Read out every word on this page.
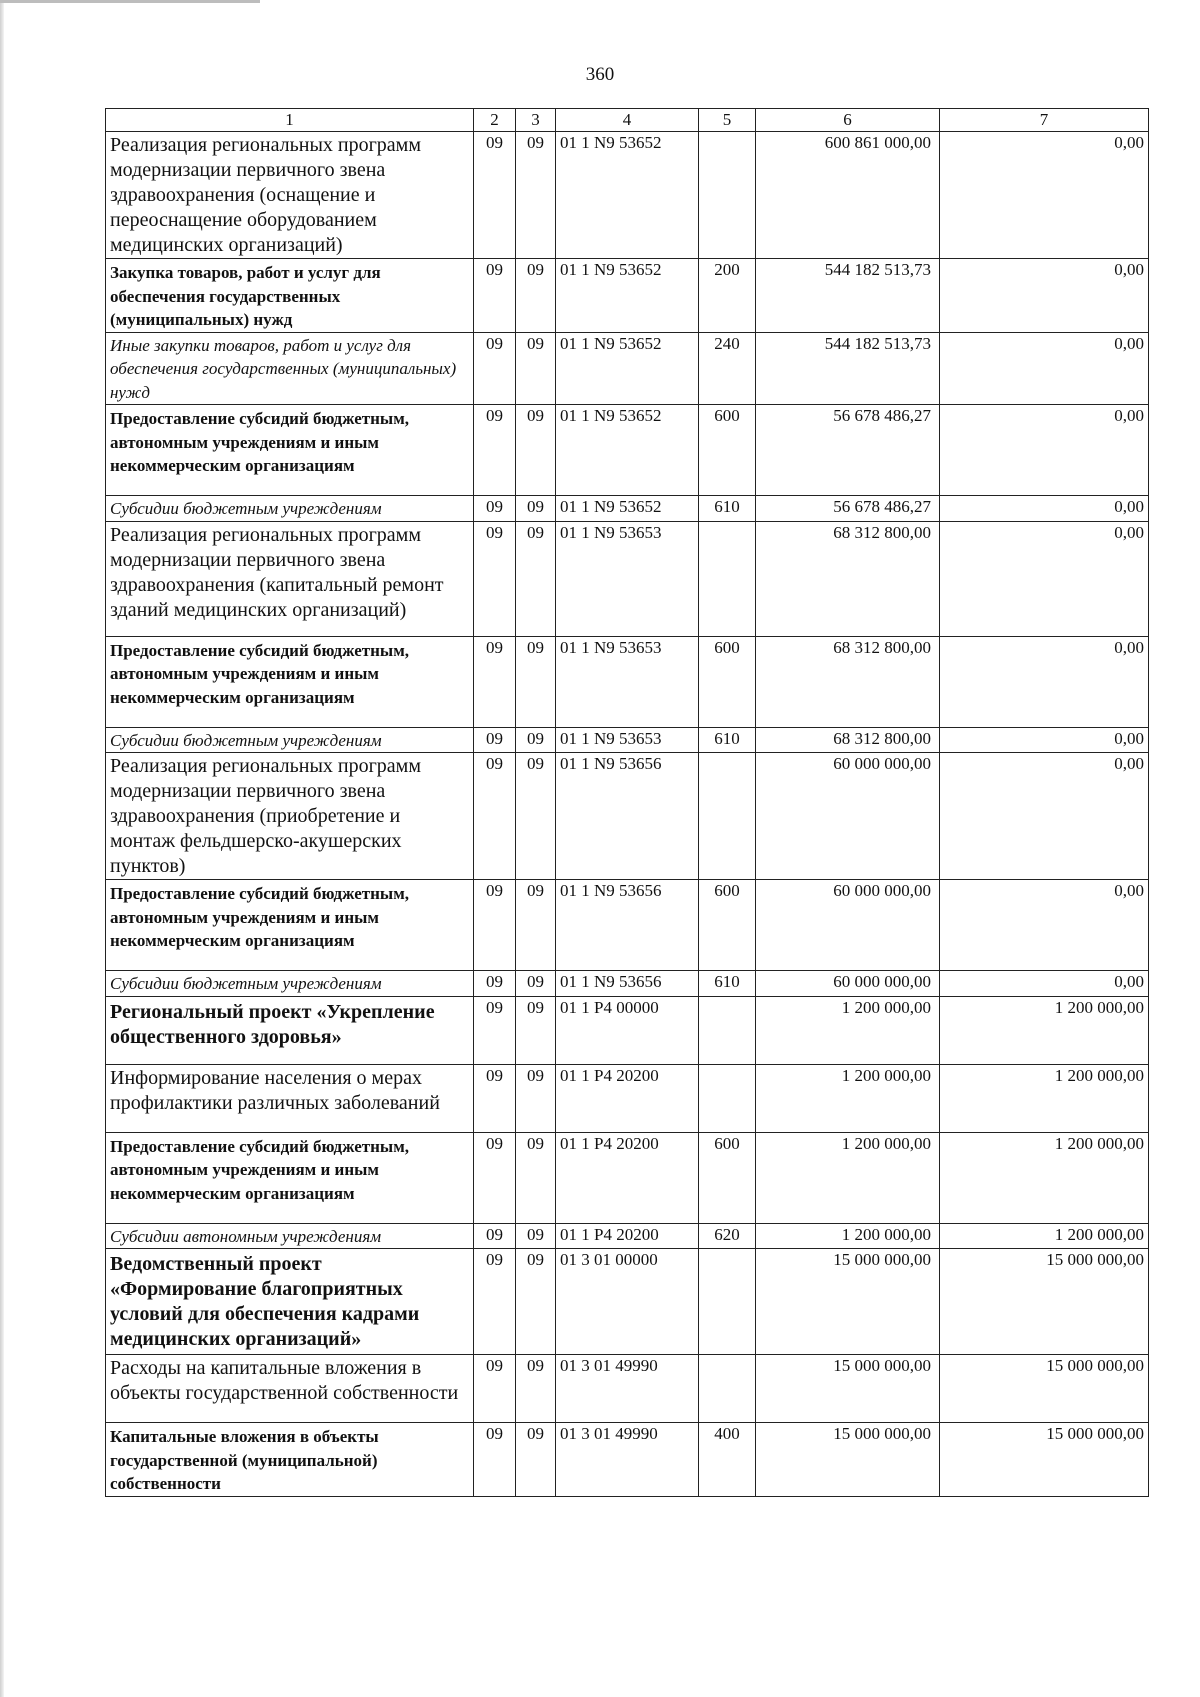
360
1	2	3	4	5	6	7
Реализация региональных программ модернизации первичного звена здравоохранения (оснащение и переоснащение оборудованием медицинских организаций)	09	09	01 1 N9 53652		600 861 000,00	0,00
Закупка товаров, работ и услуг для обеспечения государственных (муниципальных) нужд	09	09	01 1 N9 53652	200	544 182 513,73	0,00
Иные закупки товаров, работ и услуг для обеспечения государственных (муниципальных) нужд	09	09	01 1 N9 53652	240	544 182 513,73	0,00
Предоставление субсидий бюджетным, автономным учреждениям и иным некоммерческим организациям	09	09	01 1 N9 53652	600	56 678 486,27	0,00
Субсидии бюджетным учреждениям	09	09	01 1 N9 53652	610	56 678 486,27	0,00
Реализация региональных программ модернизации первичного звена здравоохранения (капитальный ремонт зданий медицинских организаций)	09	09	01 1 N9 53653		68 312 800,00	0,00
Предоставление субсидий бюджетным, автономным учреждениям и иным некоммерческим организациям	09	09	01 1 N9 53653	600	68 312 800,00	0,00
Субсидии бюджетным учреждениям	09	09	01 1 N9 53653	610	68 312 800,00	0,00
Реализация региональных программ модернизации первичного звена здравоохранения (приобретение и монтаж фельдшерско-акушерских пунктов)	09	09	01 1 N9 53656		60 000 000,00	0,00
Предоставление субсидий бюджетным, автономным учреждениям и иным некоммерческим организациям	09	09	01 1 N9 53656	600	60 000 000,00	0,00
Субсидии бюджетным учреждениям	09	09	01 1 N9 53656	610	60 000 000,00	0,00
Региональный проект «Укрепление общественного здоровья»	09	09	01 1 P4 00000		1 200 000,00	1 200 000,00
Информирование населения о мерах профилактики различных заболеваний	09	09	01 1 P4 20200		1 200 000,00	1 200 000,00
Предоставление субсидий бюджетным, автономным учреждениям и иным некоммерческим организациям	09	09	01 1 P4 20200	600	1 200 000,00	1 200 000,00
Субсидии автономным учреждениям	09	09	01 1 P4 20200	620	1 200 000,00	1 200 000,00
Ведомственный проект «Формирование благоприятных условий для обеспечения кадрами медицинских организаций»	09	09	01 3 01 00000		15 000 000,00	15 000 000,00
Расходы на капитальные вложения в объекты государственной собственности	09	09	01 3 01 49990		15 000 000,00	15 000 000,00
Капитальные вложения в объекты государственной (муниципальной) собственности	09	09	01 3 01 49990	400	15 000 000,00	15 000 000,00
